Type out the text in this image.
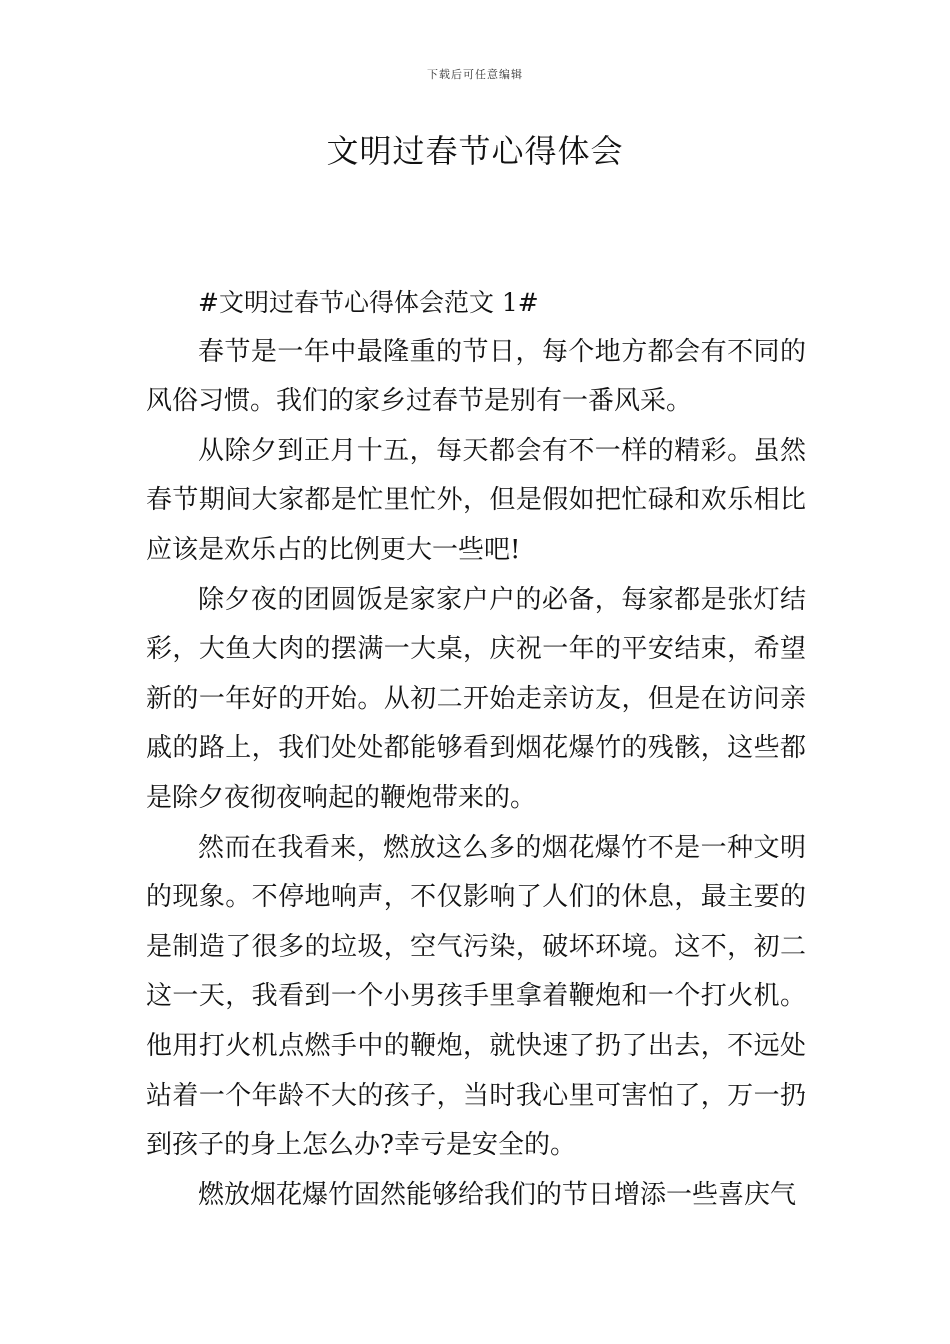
下载后可任意编辑
文明过春节心得体会

#文明过春节心得体会范文 1#

春节是一年中最隆重的节日，每个地方都会有不同的风俗习惯。我们的家乡过春节是别有一番风采。

从除夕到正月十五，每天都会有不一样的精彩。虽然春节期间大家都是忙里忙外，但是假如把忙碌和欢乐相比应该是欢乐占的比例更大一些吧!

除夕夜的团圆饭是家家户户的必备，每家都是张灯结彩，大鱼大肉的摆满一大桌，庆祝一年的平安结束，希望新的一年好的开始。从初二开始走亲访友，但是在访问亲戚的路上，我们处处都能够看到烟花爆竹的残骸，这些都是除夕夜彻夜响起的鞭炮带来的。

然而在我看来，燃放这么多的烟花爆竹不是一种文明的现象。不停地响声，不仅影响了人们的休息，最主要的是制造了很多的垃圾，空气污染，破坏环境。这不，初二这一天，我看到一个小男孩手里拿着鞭炮和一个打火机。他用打火机点燃手中的鞭炮，就快速了扔了出去，不远处站着一个年龄不大的孩子，当时我心里可害怕了，万一扔到孩子的身上怎么办?幸亏是安全的。

燃放烟花爆竹固然能够给我们的节日增添一些喜庆气
